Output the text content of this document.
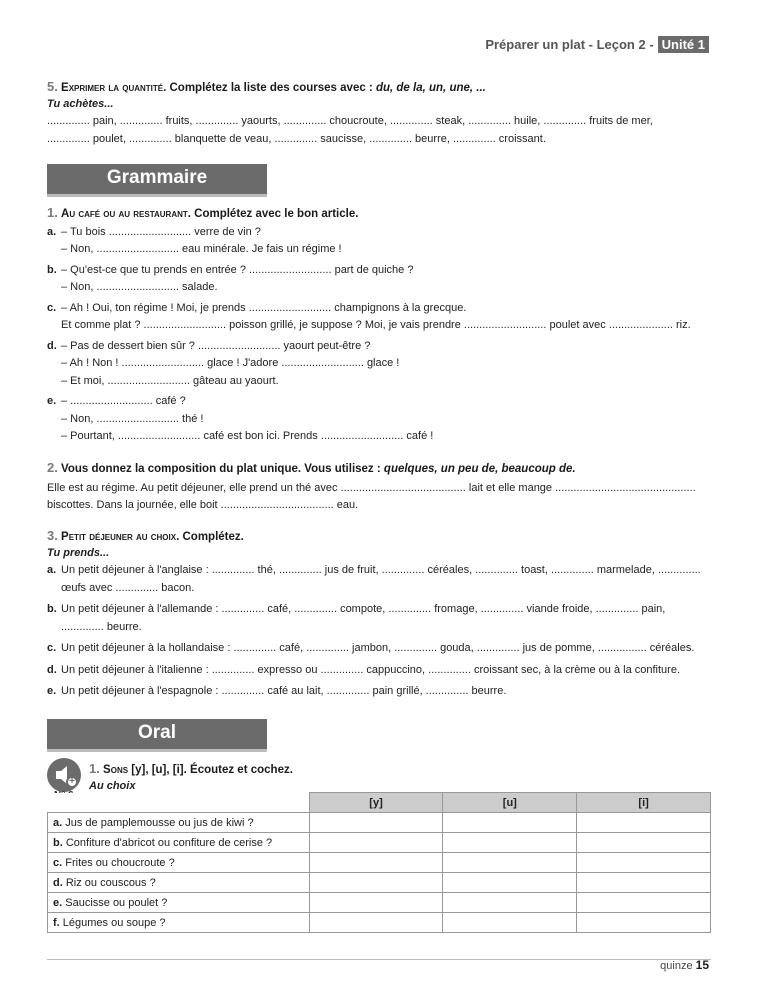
Préparer un plat - Leçon 2 - Unité 1
5. Exprimer la quantité. Complétez la liste des courses avec : du, de la, un, une, ...
Tu achètes...
.............. pain, .............. fruits, .............. yaourts, .............. choucroute, .............. steak, .............. huile, .............. fruits de mer,
.............. poulet, .............. blanquette de veau, .............. saucisse, .............. beurre, .............. croissant.
Grammaire
1. Au café ou au restaurant. Complétez avec le bon article.
a. – Tu bois ........................... verre de vin ?
– Non, ........................... eau minérale. Je fais un régime !
b. – Qu'est-ce que tu prends en entrée ? ........................... part de quiche ?
– Non, ........................... salade.
c. – Ah ! Oui, ton régime ! Moi, je prends ........................... champignons à la grecque.
Et comme plat ? ........................... poisson grillé, je suppose ? Moi, je vais prendre ........................... poulet avec ..................... riz.
d. – Pas de dessert bien sûr ? ........................... yaourt peut-être ?
– Ah ! Non ! ........................... glace ! J'adore ........................... glace !
– Et moi, ........................... gâteau au yaourt.
e. – ........................... café ?
– Non, ........................... thé !
– Pourtant, ........................... café est bon ici. Prends ........................... café !
2. Vous donnez la composition du plat unique. Vous utilisez : quelques, un peu de, beaucoup de.
Elle est au régime. Au petit déjeuner, elle prend un thé avec ......................................... lait et elle mange ..............................................
biscottes. Dans la journée, elle boit ..................................... eau.
3. Petit déjeuner au choix. Complétez.
Tu prends...
a. Un petit déjeuner à l'anglaise : .............. thé, .............. jus de fruit, .............. céréales, .............. toast, .............. marmelade, ..............
œufs avec .............. bacon.
b. Un petit déjeuner à l'allemande : .............. café, .............. compote, .............. fromage, .............. viande froide, .............. pain,
.............. beurre.
c. Un petit déjeuner à la hollandaise : .............. café, .............. jambon, .............. gouda, .............. jus de pomme, ................ céréales.
d. Un petit déjeuner à l'italienne : .............. expresso ou .............. cappuccino, .............. croissant sec, à la crème ou à la confiture.
e. Un petit déjeuner à l'espagnole : .............. café au lait, .............. pain grillé, .............. beurre.
Oral
+
1. Sons [y], [u], [i]. Écoutez et cochez.
Au choix
	[y]	[u]	[i]
a. Jus de pamplemousse ou jus de kiwi ?			
b. Confiture d'abricot ou confiture de cerise ?			
c. Frites ou choucroute ?			
d. Riz ou couscous ?			
e. Saucisse ou poulet ?			
f. Légumes ou soupe ?			
quinze 15
